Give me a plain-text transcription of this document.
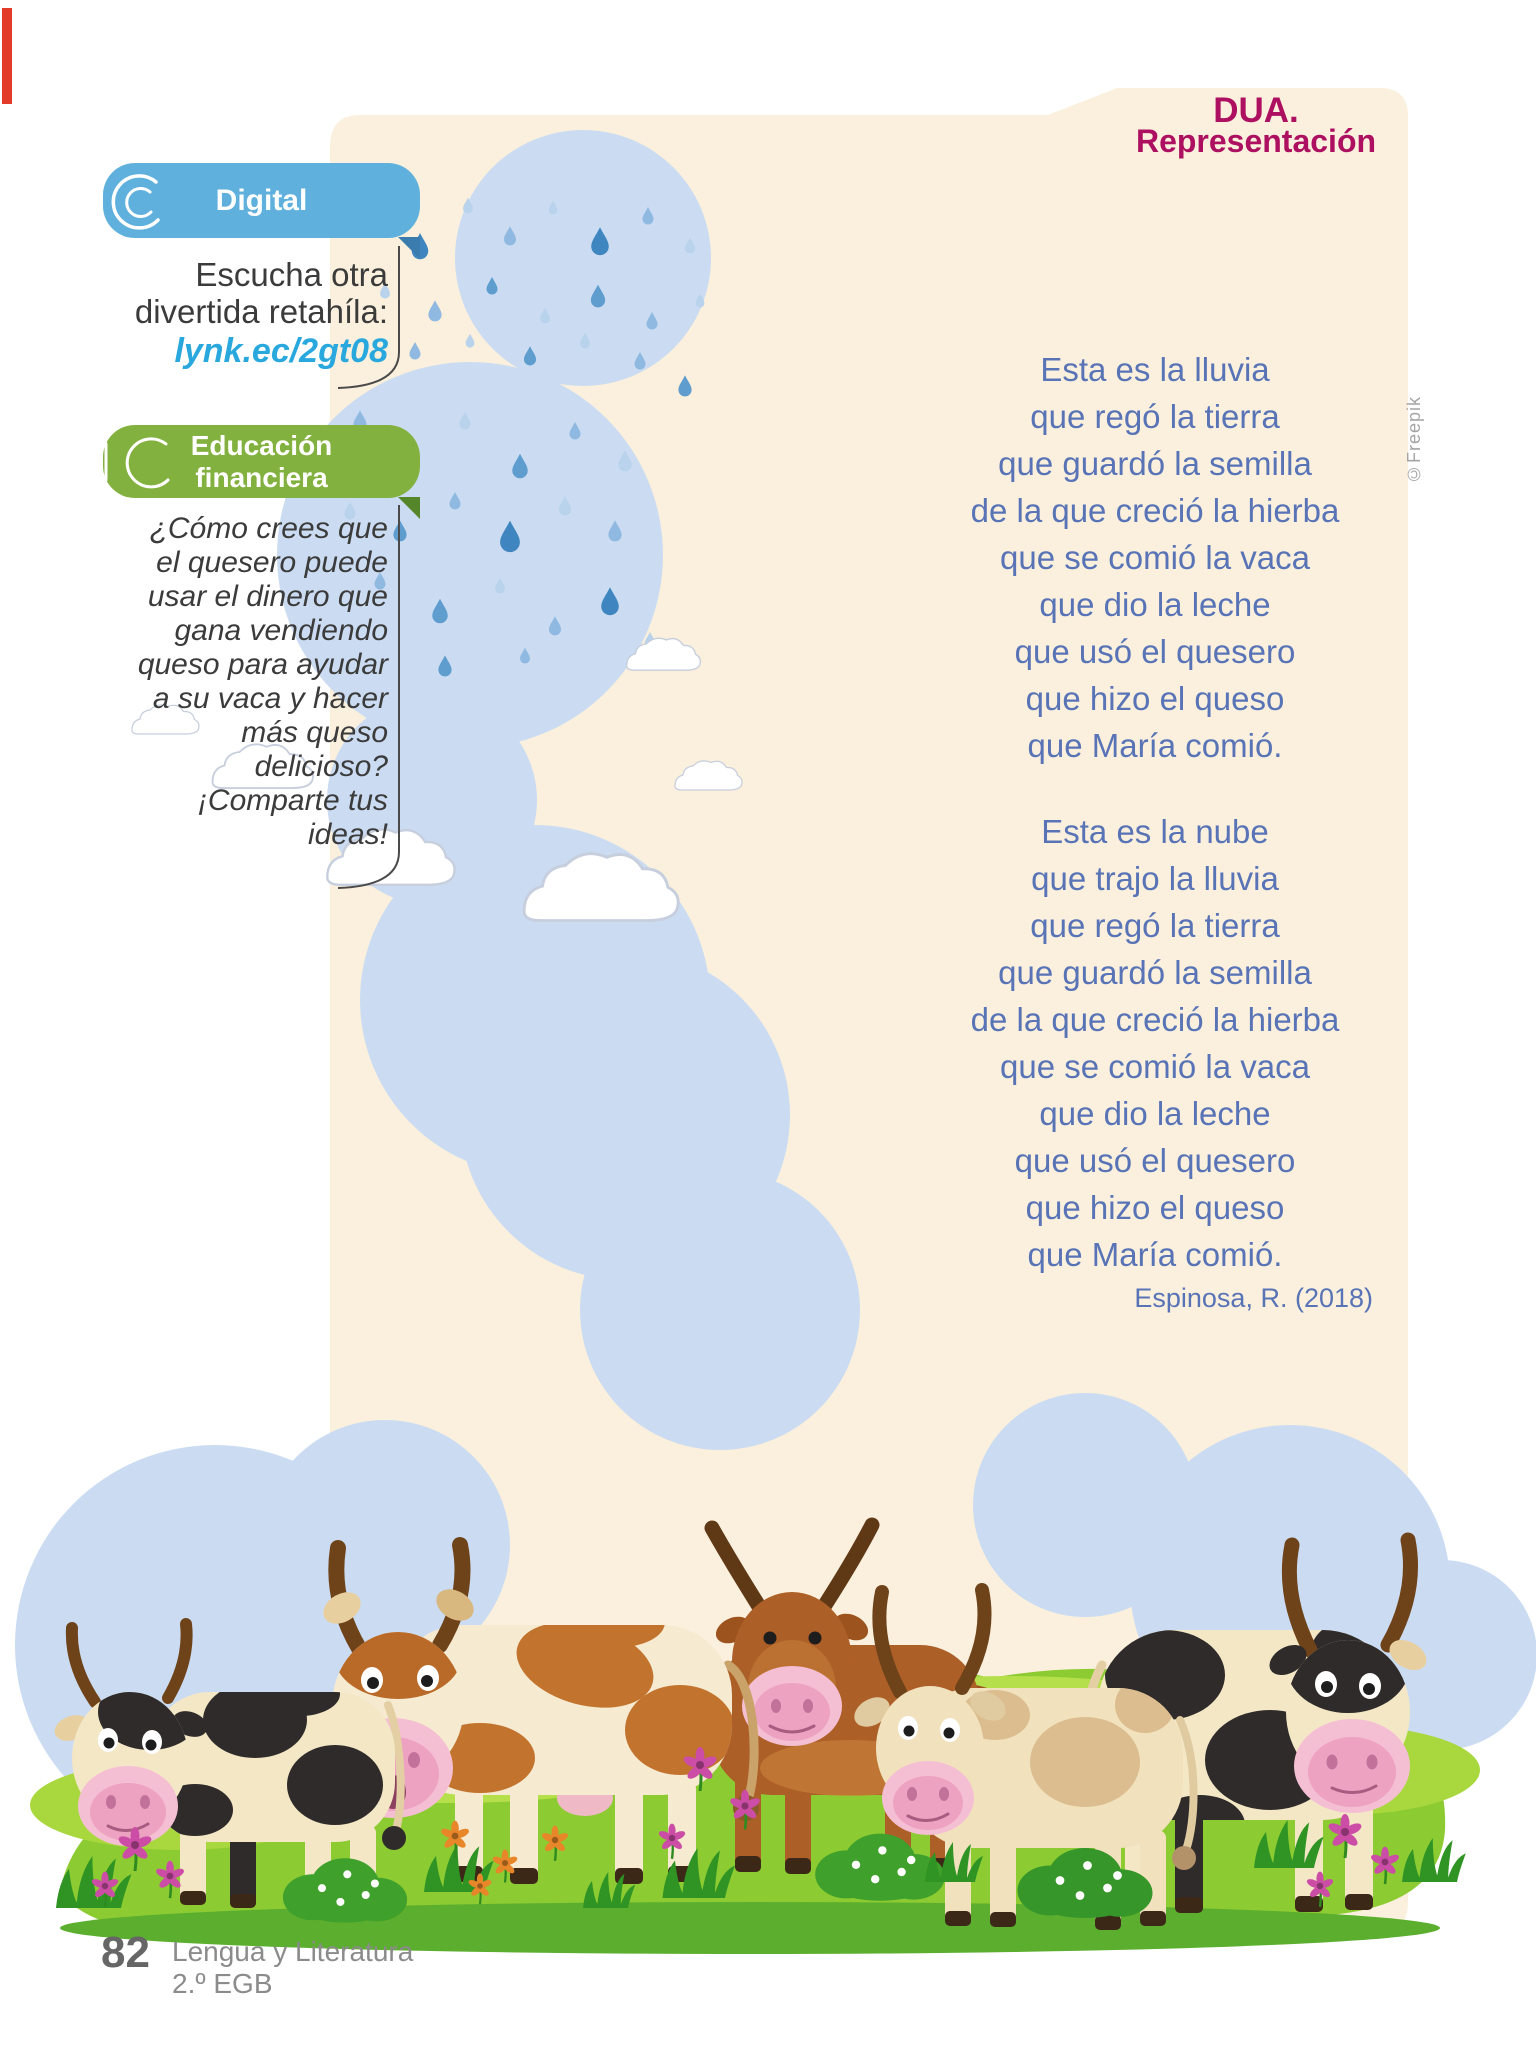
DUA.
Representación
Digital
Escucha otra
divertida retahíla:
lynk.ec/2gt08
Educación
financiera
¿Cómo crees que
el quesero puede
usar el dinero que
gana vendiendo
queso para ayudar
a su vaca y hacer
más queso
delicioso?
¡Comparte tus
ideas!
Esta es la lluvia
que regó la tierra
que guardó la semilla
de la que creció la hierba
que se comió la vaca
que dio la leche
que usó el quesero
que hizo el queso
que María comió.
Esta es la nube
que trajo la lluvia
que regó la tierra
que guardó la semilla
de la que creció la hierba
que se comió la vaca
que dio la leche
que usó el quesero
que hizo el queso
que María comió.
Espinosa, R. (2018)
©Freepik
82 Lengua y Literatura
2.º EGB
